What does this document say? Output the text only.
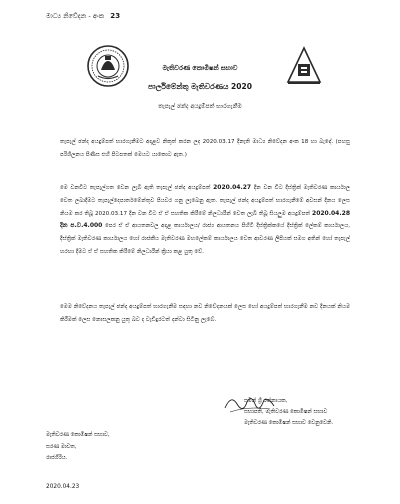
මාධ්‍ය නිවේදන - අංක 23
මැතිවරණ කොමිෂන් සභාව
පාර්ලිමේන්තු මැතිවරණය 2020
තැපැල් ඡන්ද අයදුම්පත් භාරගැනීම
තැපැල් ඡන්ද අයදුම්පත් භාරගැනීමට අදාළව නිකුත් කරන ලද 2020.03.17 දිනැති මාධ්‍ය නිවේදන අංක 18 හා බැඳේ. (පහසු පරිශීලනය පිණිස එහි පිටපතක් මෙයට යාකොට ඇත.)
මෙ වනවිට තැපැල්ගත වෙන ලැබී ඇති තැපැල් ඡන්ද අයදුම්පත් 2020.04.27 දින වන විට දිස්ත්‍රික් මැතිවරණ කාර්යාල වෙත ලබාදීමට තැපැල්දෙපාර්තමේන්තුව පියවර ගනු ලැබෙනු ඇත. තැපැල් ඡන්ද අයදුම්පත් භාරගැනීමේ අවසන් දිනය ලෙස නියම කර තිබූ 2020.03.17 දින වන විට ඒ ඒ සහතික කිරීමේ නිලධාරීන් වෙත ලැබී තිබූ සියලුම අයදුම්පත් 2020.04.28 දින ප.ව.4.000 පෙර ඒ ඒ ආයතනවල අදාළ කාර්යාලය/ රාජ්‍ය ආයතනය පිහිටි දිස්ත්‍රික්කයේ දිස්ත්‍රික් ලේකම් කාර්යාලය, දිස්ත්‍රික් මැතිවරණ කාර්යාලය හෝ රාජකීය මැතිවරණ මහලේකම් කාර්යාලය වෙත ආවරණ ලිපියක් සමග අතින් හෝ තැපැල් හරහා දිමට ඒ ඒ සහතික කිරීමේ නිලධාරීන් ක්‍රියා කළ යුතු වේ.
මෙම නිවේදනය තැපැල් ඡන්ද අයදුම්පත් භාරගැනීම සඳහා නව නිවේදනයක් ලෙස හෝ අයදුම්පත් භාරගැනීම නව දිනයක් නියම කිරීමක් ලෙස නොසලකනු යුතු බව ද වැඩිදුරටත් දන්වා සිටිනු ලැබේ.
සමන් ශ්‍රී රත්නායක,
සභාපති, මැතිවරණ කොමිෂන් සභාව
මැතිවරණ කොමිෂන් සභාව වෙනුවෙනි.
මැතිවරණ කොමිෂන් සභාව,
සරණ මාවත,
රාජගිරිය.
2020.04.23
